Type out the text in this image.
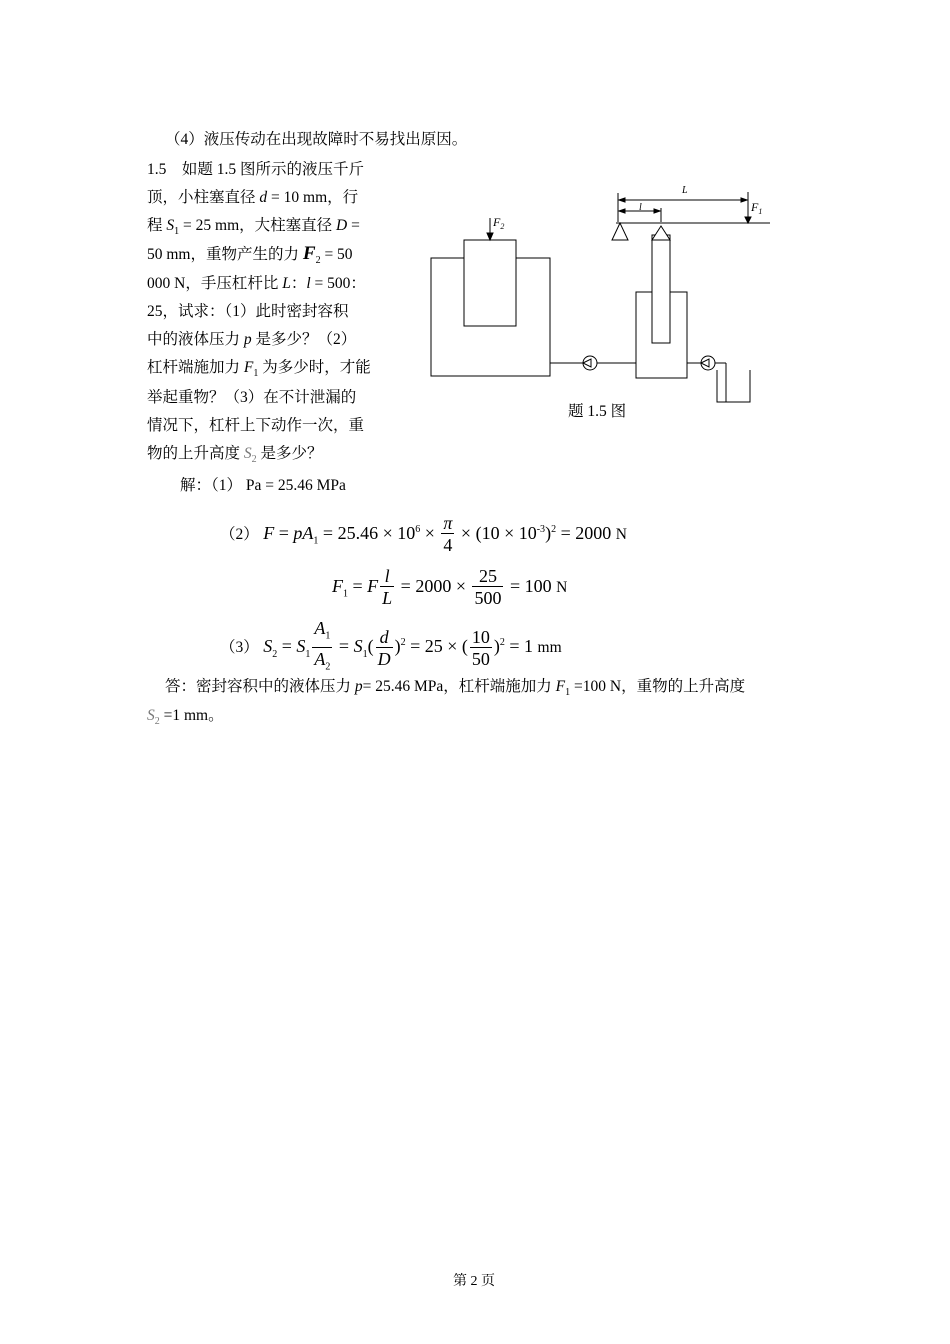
（4）液压传动在出现故障时不易找出原因。
1.5　如题 1.5 图所示的液压千斤
顶，小柱塞直径 d = 10 mm，行
程 $S_1 = 25$ mm，大柱塞直径 D =
50 mm，重物产生的力 $F_2 = 50$
000 N，手压杠杆比 L：l = 500：
25，试求：（1）此时密封容积
中的液体压力 p 是多少？（2）
杠杆端施加力 $F_1$ 为多少时，才能
举起重物？（3）在不计泄漏的
情况下，杠杆上下动作一次，重
物的上升高度 $S_2$ 是多少？
L
l	$F_1$
$F_2$
题 1.5 图
解：（1） Pa = 25.46 MPa
（2） $F = pA_1 = 25.46 \times 10^6 \times \frac{\pi}{4} \times (10 \times 10^{-3})^2 = 2000$ N
$F_1 = F \frac{l}{L} = 2000 \times \frac{25}{500} = 100$ N
（3） $S_2 = S_1 \frac{A_1}{A_2} = S_1( \frac{d}{D} )^2 = 25$ × ( $\frac{10}{50} )^2 = 1$ mm
答：密封容积中的液体压力 p= 25.46 MPa，杠杆端施加力 $F_1 =100$ N，重物的上升高度
$S_2 =1$ mm。
第 2 页
